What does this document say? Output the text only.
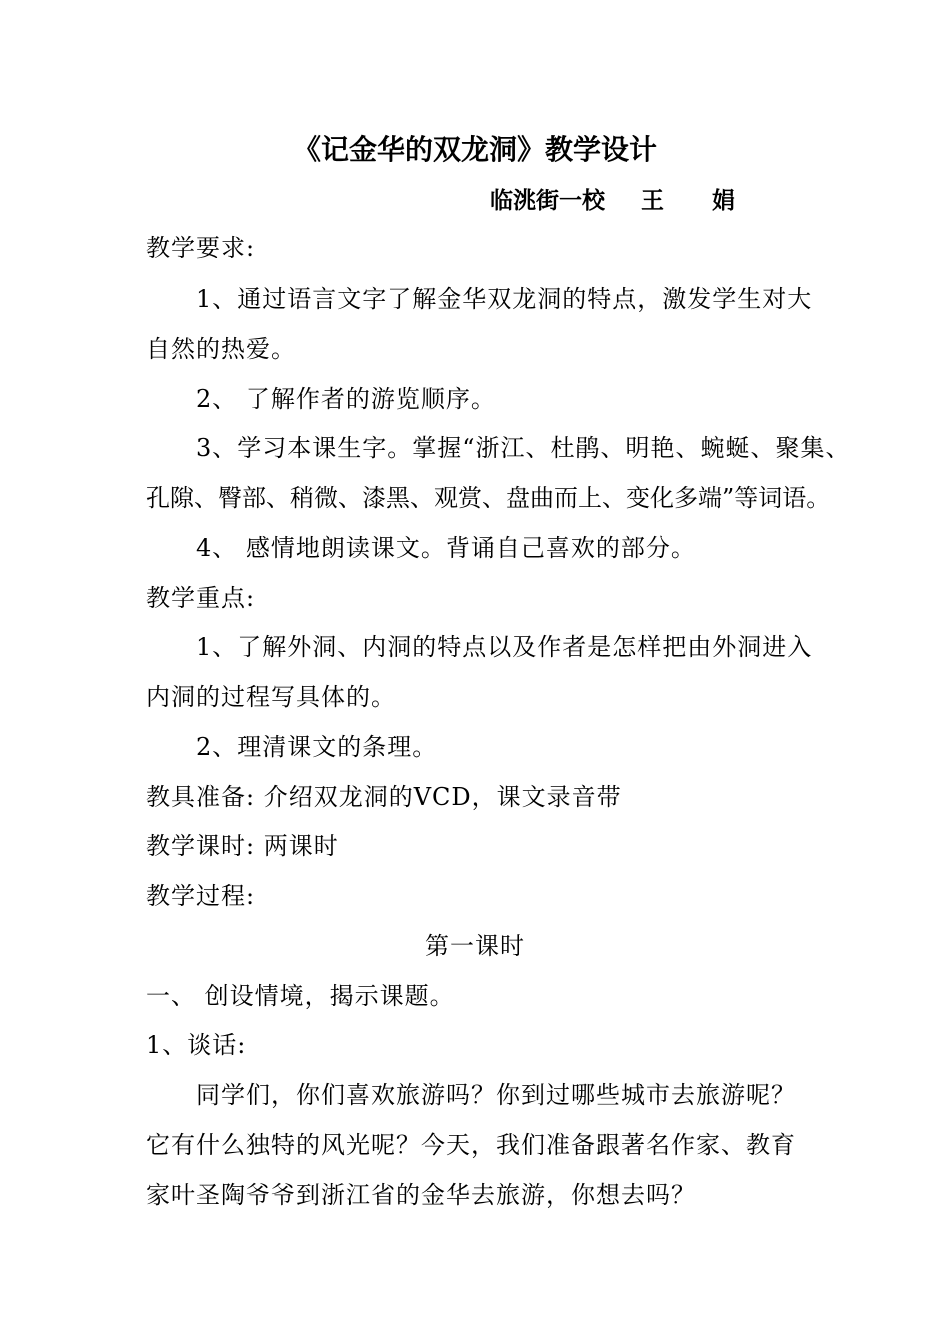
《记金华的双龙洞》教学设计
临洮街一校 王 娟
教学要求:
1、通过语言文字了解金华双龙洞的特点，激发学生对大
自然的热爱。
2、 了解作者的游览顺序。
3、学习本课生字。掌握“浙江、杜鹃、明艳、蜿蜒、聚集、
孔隙、臀部、稍微、漆黑、观赏、盘曲而上、变化多端”等词语。
4、 感情地朗读课文。背诵自己喜欢的部分。
教学重点:
1、了解外洞、内洞的特点以及作者是怎样把由外洞进入
内洞的过程写具体的。
2、理清课文的条理。
教具准备: 介绍双龙洞的VCD，课文录音带
教学课时: 两课时
教学过程:
第一课时
一、 创设情境，揭示课题。
1、谈话:
同学们，你们喜欢旅游吗？你到过哪些城市去旅游呢？
它有什么独特的风光呢？今天，我们准备跟著名作家、教育
家叶圣陶爷爷到浙江省的金华去旅游，你想去吗？
